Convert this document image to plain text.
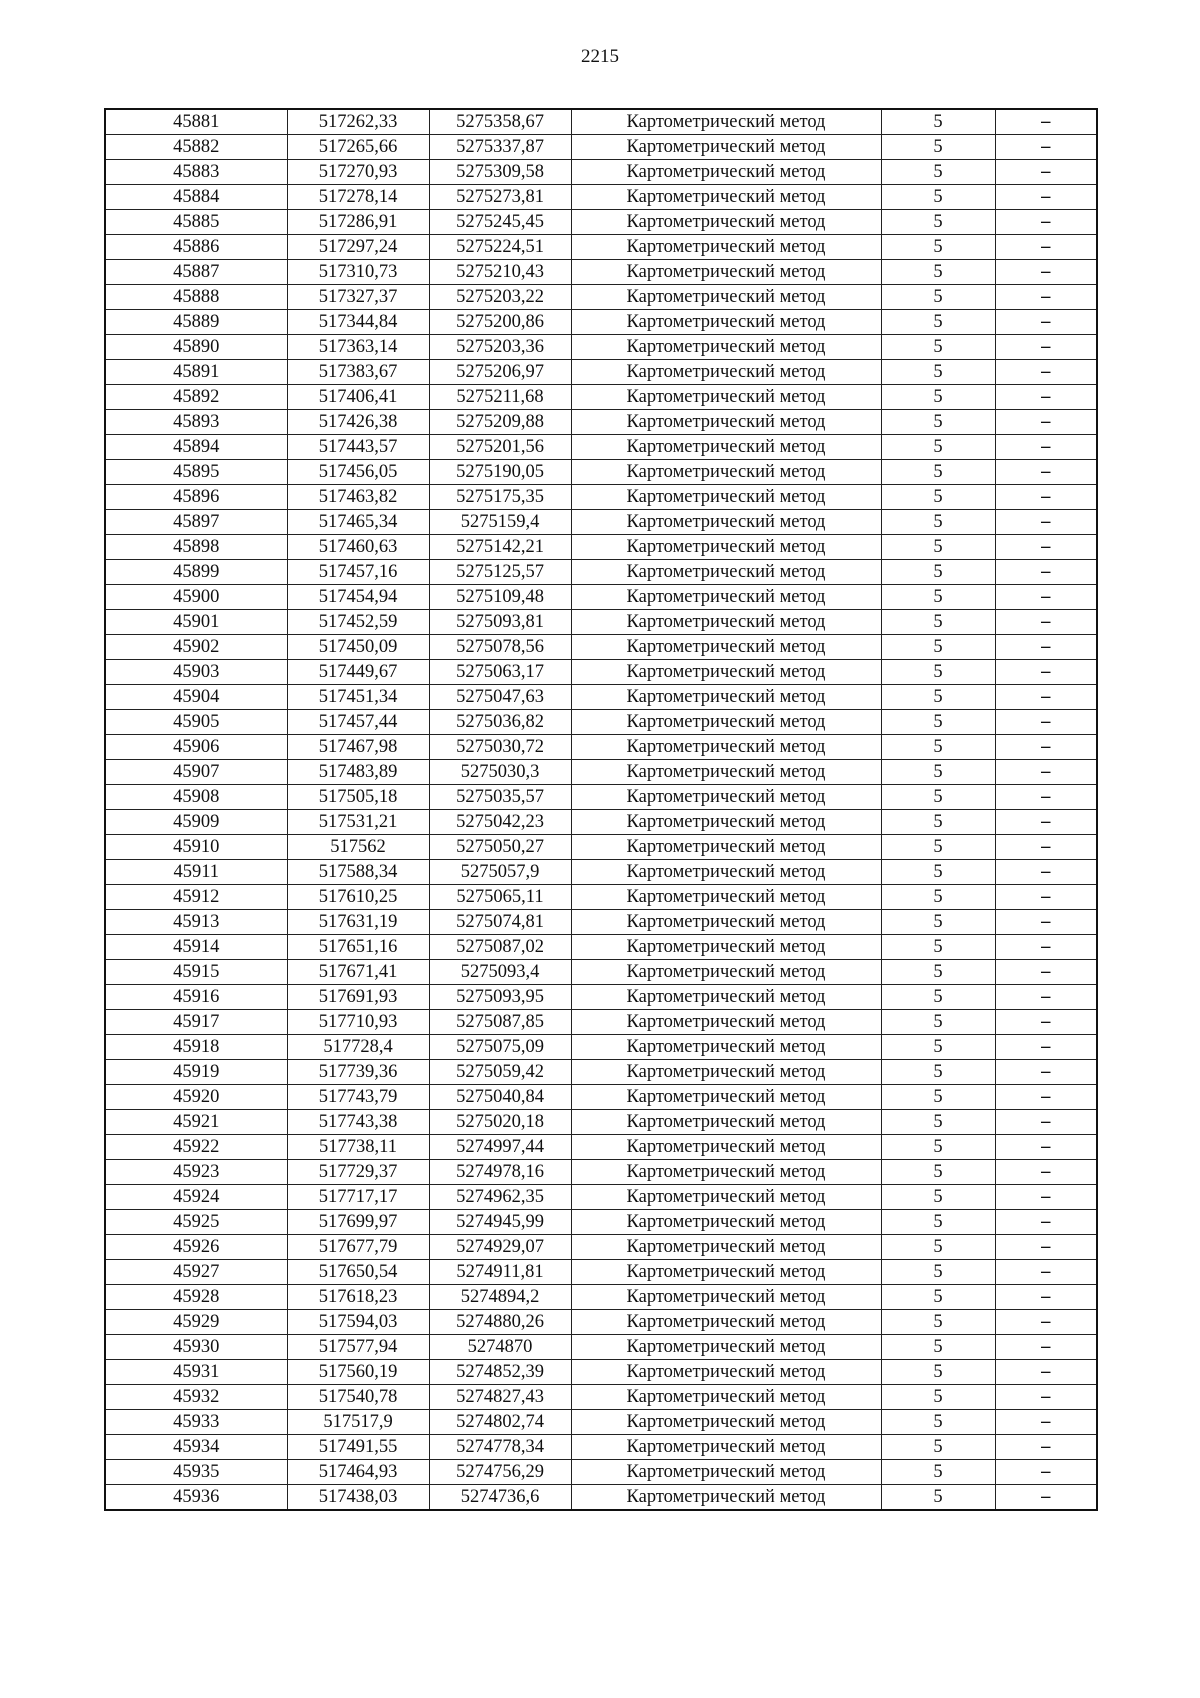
2215
45881	517262,33	5275358,67	Картометрический метод	5	–
45882	517265,66	5275337,87	Картометрический метод	5	–
45883	517270,93	5275309,58	Картометрический метод	5	–
45884	517278,14	5275273,81	Картометрический метод	5	–
45885	517286,91	5275245,45	Картометрический метод	5	–
45886	517297,24	5275224,51	Картометрический метод	5	–
45887	517310,73	5275210,43	Картометрический метод	5	–
45888	517327,37	5275203,22	Картометрический метод	5	–
45889	517344,84	5275200,86	Картометрический метод	5	–
45890	517363,14	5275203,36	Картометрический метод	5	–
45891	517383,67	5275206,97	Картометрический метод	5	–
45892	517406,41	5275211,68	Картометрический метод	5	–
45893	517426,38	5275209,88	Картометрический метод	5	–
45894	517443,57	5275201,56	Картометрический метод	5	–
45895	517456,05	5275190,05	Картометрический метод	5	–
45896	517463,82	5275175,35	Картометрический метод	5	–
45897	517465,34	5275159,4	Картометрический метод	5	–
45898	517460,63	5275142,21	Картометрический метод	5	–
45899	517457,16	5275125,57	Картометрический метод	5	–
45900	517454,94	5275109,48	Картометрический метод	5	–
45901	517452,59	5275093,81	Картометрический метод	5	–
45902	517450,09	5275078,56	Картометрический метод	5	–
45903	517449,67	5275063,17	Картометрический метод	5	–
45904	517451,34	5275047,63	Картометрический метод	5	–
45905	517457,44	5275036,82	Картометрический метод	5	–
45906	517467,98	5275030,72	Картометрический метод	5	–
45907	517483,89	5275030,3	Картометрический метод	5	–
45908	517505,18	5275035,57	Картометрический метод	5	–
45909	517531,21	5275042,23	Картометрический метод	5	–
45910	517562	5275050,27	Картометрический метод	5	–
45911	517588,34	5275057,9	Картометрический метод	5	–
45912	517610,25	5275065,11	Картометрический метод	5	–
45913	517631,19	5275074,81	Картометрический метод	5	–
45914	517651,16	5275087,02	Картометрический метод	5	–
45915	517671,41	5275093,4	Картометрический метод	5	–
45916	517691,93	5275093,95	Картометрический метод	5	–
45917	517710,93	5275087,85	Картометрический метод	5	–
45918	517728,4	5275075,09	Картометрический метод	5	–
45919	517739,36	5275059,42	Картометрический метод	5	–
45920	517743,79	5275040,84	Картометрический метод	5	–
45921	517743,38	5275020,18	Картометрический метод	5	–
45922	517738,11	5274997,44	Картометрический метод	5	–
45923	517729,37	5274978,16	Картометрический метод	5	–
45924	517717,17	5274962,35	Картометрический метод	5	–
45925	517699,97	5274945,99	Картометрический метод	5	–
45926	517677,79	5274929,07	Картометрический метод	5	–
45927	517650,54	5274911,81	Картометрический метод	5	–
45928	517618,23	5274894,2	Картометрический метод	5	–
45929	517594,03	5274880,26	Картометрический метод	5	–
45930	517577,94	5274870	Картометрический метод	5	–
45931	517560,19	5274852,39	Картометрический метод	5	–
45932	517540,78	5274827,43	Картометрический метод	5	–
45933	517517,9	5274802,74	Картометрический метод	5	–
45934	517491,55	5274778,34	Картометрический метод	5	–
45935	517464,93	5274756,29	Картометрический метод	5	–
45936	517438,03	5274736,6	Картометрический метод	5	–
